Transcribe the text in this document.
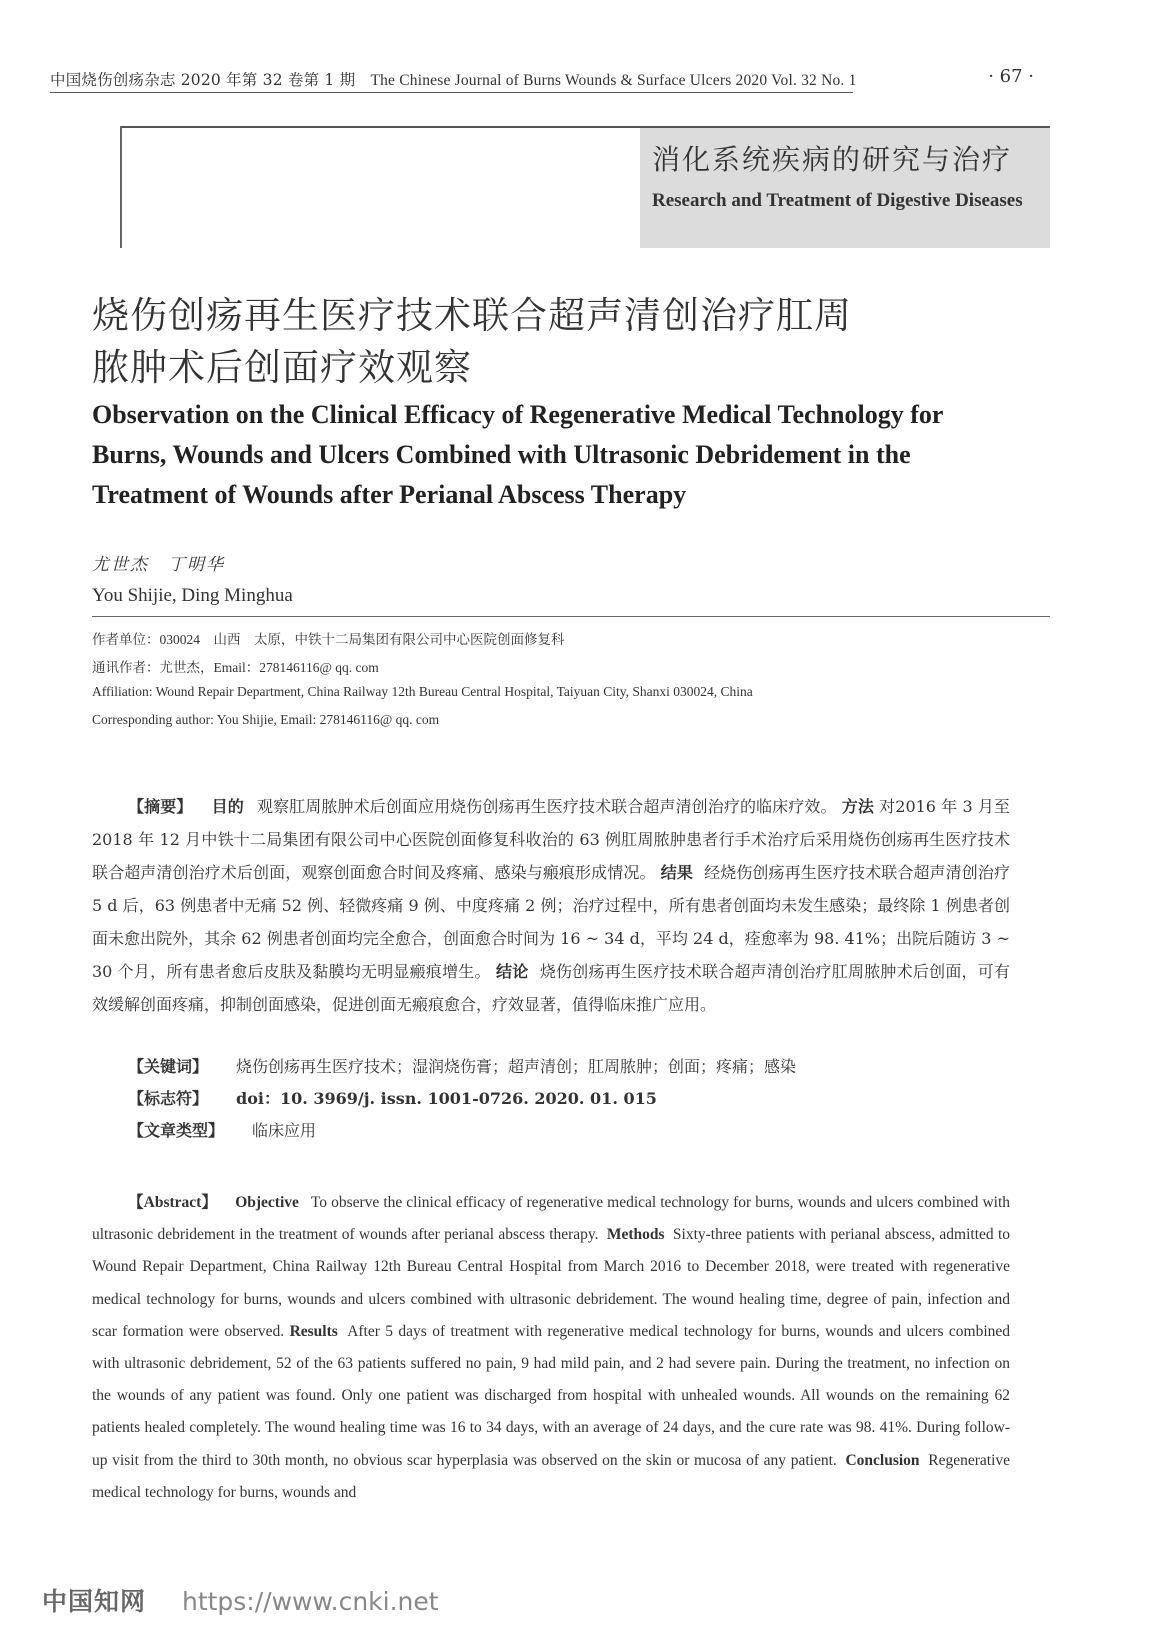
中国烧伤创疡杂志 2020 年第 32 卷第 1 期 The Chinese Journal of Burns Wounds & Surface Ulcers 2020 Vol. 32 No. 1	· 67 ·
消化系统疾病的研究与治疗
Research and Treatment of Digestive Diseases
烧伤创疡再生医疗技术联合超声清创治疗肛周
脓肿术后创面疗效观察
Observation on the Clinical Efficacy of Regenerative Medical Technology for Burns, Wounds and Ulcers Combined with Ultrasonic Debridement in the Treatment of Wounds after Perianal Abscess Therapy
尤世杰　丁明华
You Shijie, Ding Minghua
作者单位：030024　山西　太原，中铁十二局集团有限公司中心医院创面修复科
通讯作者：尤世杰，Email：278146116@ qq. com
Affiliation: Wound Repair Department, China Railway 12th Bureau Central Hospital, Taiyuan City, Shanxi 030024, China
Corresponding author: You Shijie, Email: 278146116@ qq. com
【摘要】 目的 观察肛周脓肿术后创面应用烧伤创疡再生医疗技术联合超声清创治疗的临床疗效。 方法 对2016 年 3 月至 2018 年 12 月中铁十二局集团有限公司中心医院创面修复科收治的 63 例肛周脓肿患者行手术治疗后采用烧伤创疡再生医疗技术联合超声清创治疗术后创面，观察创面愈合时间及疼痛、感染与瘢痕形成情况。 结果 经烧伤创疡再生医疗技术联合超声清创治疗 5 d 后，63 例患者中无痛 52 例、轻微疼痛 9 例、中度疼痛 2 例；治疗过程中，所有患者创面均未发生感染；最终除 1 例患者创面未愈出院外，其余 62 例患者创面均完全愈合，创面愈合时间为 16 ~ 34 d，平均 24 d，痊愈率为 98. 41%；出院后随访 3 ~ 30 个月，所有患者愈后皮肤及黏膜均无明显瘢痕增生。 结论 烧伤创疡再生医疗技术联合超声清创治疗肛周脓肿术后创面，可有效缓解创面疼痛，抑制创面感染，促进创面无瘢痕愈合，疗效显著，值得临床推广应用。
【关键词】 烧伤创疡再生医疗技术；湿润烧伤膏；超声清创；肛周脓肿；创面；疼痛；感染
【标志符】 doi：10. 3969/j. issn. 1001-0726. 2020. 01. 015
【文章类型】 临床应用
【Abstract】 Objective To observe the clinical efficacy of regenerative medical technology for burns, wounds and ulcers combined with ultrasonic debridement in the treatment of wounds after perianal abscess therapy. Methods Sixty-three patients with perianal abscess, admitted to Wound Repair Department, China Railway 12th Bureau Central Hospital from March 2016 to December 2018, were treated with regenerative medical technology for burns, wounds and ulcers combined with ultrasonic debridement. The wound healing time, degree of pain, infection and scar formation were observed. Results After 5 days of treatment with regenerative medical technology for burns, wounds and ulcers combined with ultrasonic debridement, 52 of the 63 patients suffered no pain, 9 had mild pain, and 2 had severe pain. During the treatment, no infection on the wounds of any patient was found. Only one patient was discharged from hospital with unhealed wounds. All wounds on the remaining 62 patients healed completely. The wound healing time was 16 to 34 days, with an average of 24 days, and the cure rate was 98. 41%. During follow-up visit from the third to 30th month, no obvious scar hyperplasia was observed on the skin or mucosa of any patient. Conclusion Regenerative medical technology for burns, wounds and
中国知网 https://www.cnki.net
